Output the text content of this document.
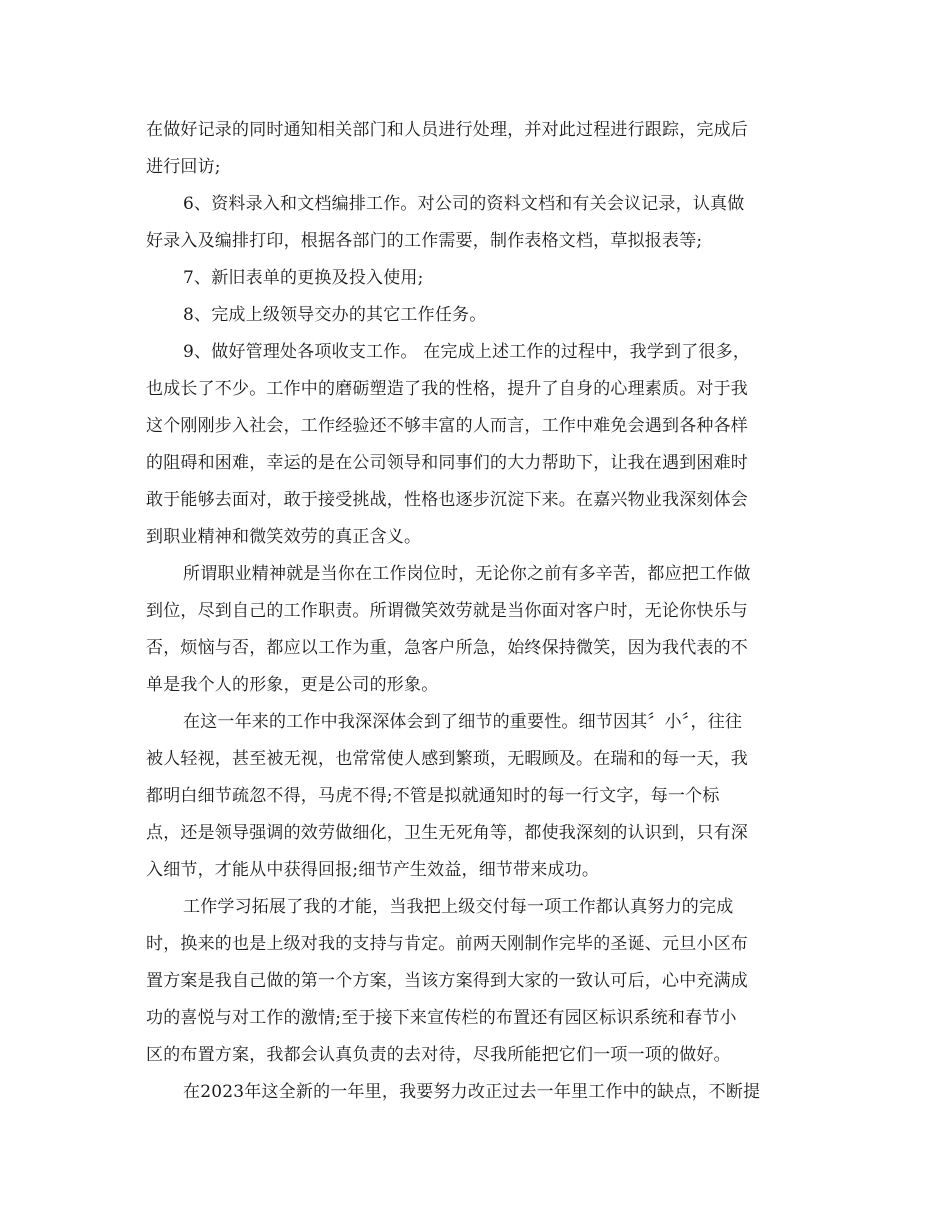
在做好记录的同时通知相关部门和人员进行处理，并对此过程进行跟踪，完成后
进行回访;
6、资料录入和文档编排工作。对公司的资料文档和有关会议记录，认真做
好录入及编排打印，根据各部门的工作需要，制作表格文档，草拟报表等;
7、新旧表单的更换及投入使用;
8、完成上级领导交办的其它工作任务。
9、做好管理处各项收支工作。 在完成上述工作的过程中，我学到了很多，
也成长了不少。工作中的磨砺塑造了我的性格，提升了自身的心理素质。对于我
这个刚刚步入社会，工作经验还不够丰富的人而言，工作中难免会遇到各种各样
的阻碍和困难，幸运的是在公司领导和同事们的大力帮助下，让我在遇到困难时
敢于能够去面对，敢于接受挑战，性格也逐步沉淀下来。在嘉兴物业我深刻体会
到职业精神和微笑效劳的真正含义。
所谓职业精神就是当你在工作岗位时，无论你之前有多辛苦，都应把工作做
到位，尽到自己的工作职责。所谓微笑效劳就是当你面对客户时，无论你快乐与
否，烦恼与否，都应以工作为重，急客户所急，始终保持微笑，因为我代表的不
单是我个人的形象，更是公司的形象。
在这一年来的工作中我深深体会到了细节的重要性。细节因其〞小〞，往往
被人轻视，甚至被无视，也常常使人感到繁琐，无暇顾及。在瑞和的每一天，我
都明白细节疏忽不得，马虎不得;不管是拟就通知时的每一行文字，每一个标
点，还是领导强调的效劳做细化，卫生无死角等，都使我深刻的认识到，只有深
入细节，才能从中获得回报;细节产生效益，细节带来成功。
工作学习拓展了我的才能，当我把上级交付每一项工作都认真努力的完成
时，换来的也是上级对我的支持与肯定。前两天刚制作完毕的圣诞、元旦小区布
置方案是我自己做的第一个方案，当该方案得到大家的一致认可后，心中充满成
功的喜悦与对工作的激情;至于接下来宣传栏的布置还有园区标识系统和春节小
区的布置方案，我都会认真负责的去对待，尽我所能把它们一项一项的做好。
在2023年这全新的一年里，我要努力改正过去一年里工作中的缺点，不断提
